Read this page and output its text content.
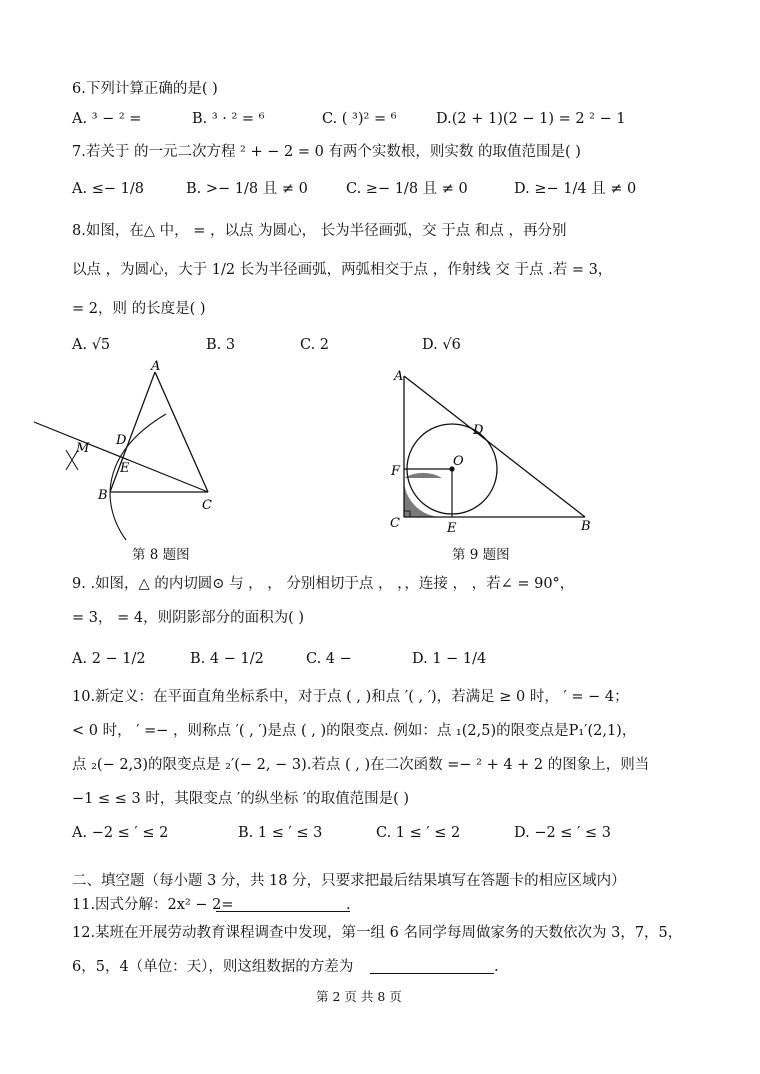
6.下列计算正确的是( )
A. ³ − ² =	B. ³ · ² = ⁶	C. ( ³)² = ⁶	D.(2 + 1)(2 − 1) = 2 ² − 1
7.若关于 的一元二次方程 ² + − 2 = 0 有两个实数根，则实数 的取值范围是( )
A. ≤− 1/8	B. >− 1/8 且 ≠ 0	C. ≥− 1/8 且 ≠ 0	D. ≥− 1/4 且 ≠ 0
8.如图，在△ 中， = ，以点 为圆心， 长为半径画弧，交 于点 和点 ，再分别
以点 ，为圆心，大于 1/2 长为半径画弧，两弧相交于点 ，作射线 交 于点 .若 = 3，
= 2，则 的长度是( )
A. √5	B. 3	C. 2	D. √6
A
B
C
D
E
M
第 8 题图
A
B
C
D
E
F
O
第 9 题图
9. .如图，△ 的内切圆⊙ 与 ， ， 分别相切于点 ， ，，连接 ， ，若∠ = 90°，
= 3， = 4，则阴影部分的面积为( )
A. 2 − 1/2	B. 4 − 1/2	C. 4 −	D. 1 − 1/4
10.新定义：在平面直角坐标系中，对于点 ( , )和点 ′( , ′)，若满足 ≥ 0 时， ′ = − 4；
< 0 时， ′ =− ，则称点 ′( , ′)是点 ( , )的限变点. 例如：点 ₁(2,5)的限变点是P₁′(2,1)，
点 ₂(− 2,3)的限变点是 ₂′(− 2, − 3).若点 ( , )在二次函数 =− ² + 4 + 2 的图象上，则当
−1 ≤ ≤ 3 时，其限变点 ′的纵坐标 ′的取值范围是( )
A. −2 ≤ ′ ≤ 2	B. 1 ≤ ′ ≤ 3	C. 1 ≤ ′ ≤ 2	D. −2 ≤ ′ ≤ 3
二、填空题（每小题 3 分，共 18 分，只要求把最后结果填写在答题卡的相应区域内）
11.因式分解：2x² − 2=	.
12.某班在开展劳动教育课程调查中发现，第一组 6 名同学每周做家务的天数依次为 3，7，5，
6，5，4（单位：天），则这组数据的方差为	.
第 2 页 共 8 页
